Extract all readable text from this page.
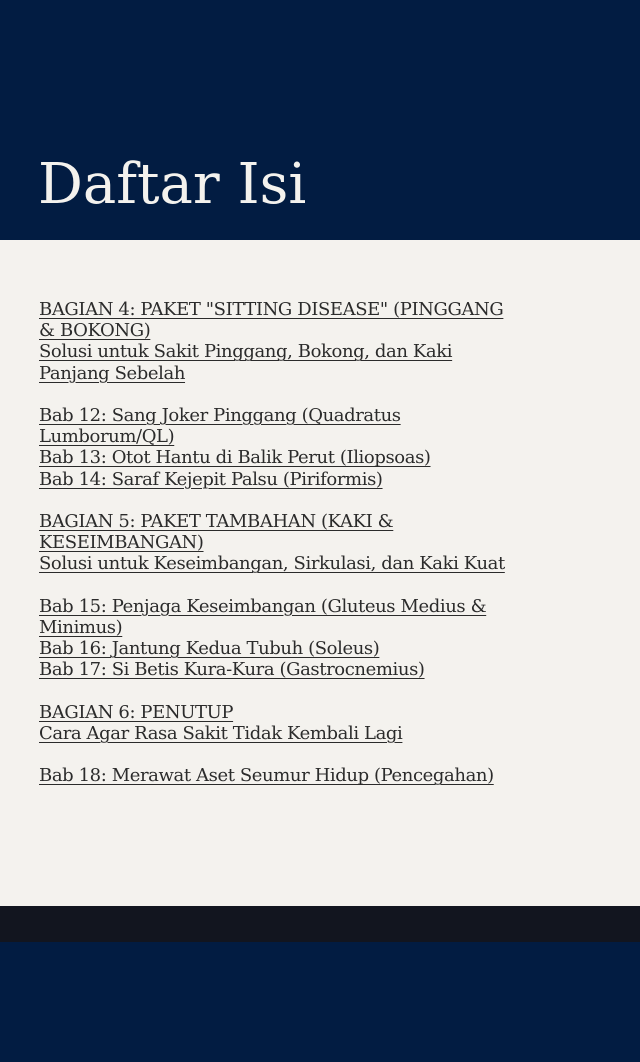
Daftar Isi
BAGIAN 4: PAKET "SITTING DISEASE" (PINGGANG & BOKONG)
Solusi untuk Sakit Pinggang, Bokong, dan Kaki Panjang Sebelah
Bab 12: Sang Joker Pinggang (Quadratus Lumborum/QL)
Bab 13: Otot Hantu di Balik Perut (Iliopsoas)
Bab 14: Saraf Kejepit Palsu (Piriformis)
BAGIAN 5: PAKET TAMBAHAN (KAKI & KESEIMBANGAN)
Solusi untuk Keseimbangan, Sirkulasi, dan Kaki Kuat
Bab 15: Penjaga Keseimbangan (Gluteus Medius & Minimus)
Bab 16: Jantung Kedua Tubuh (Soleus)
Bab 17: Si Betis Kura-Kura (Gastrocnemius)
BAGIAN 6: PENUTUP
Cara Agar Rasa Sakit Tidak Kembali Lagi
Bab 18: Merawat Aset Seumur Hidup (Pencegahan)
